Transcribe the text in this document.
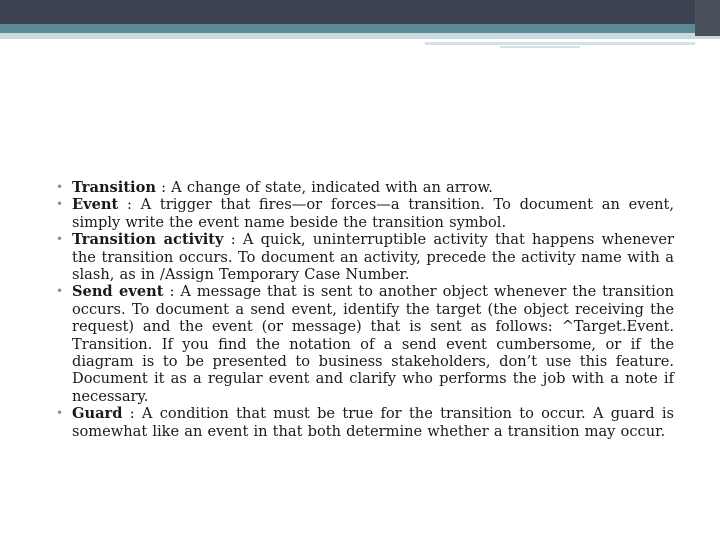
• Transition : A change of state, indicated with an arrow.
• Event : A trigger that fires—or forces—a transition. To document an event, simply write the event name beside the transition symbol.
• Transition activity : A quick, uninterruptible activity that happens whenever the transition occurs. To document an activity, precede the activity name with a slash, as in /Assign Temporary Case Number.
• Send event : A message that is sent to another object whenever the transition occurs. To document a send event, identify the target (the object receiving the request) and the event (or message) that is sent as follows: ^Target.Event. Transition. If you find the notation of a send event cumbersome, or if the diagram is to be presented to business stakeholders, don’t use this feature. Document it as a regular event and clarify who performs the job with a note if necessary.
• Guard : A condition that must be true for the transition to occur. A guard is somewhat like an event in that both determine whether a transition may occur.
